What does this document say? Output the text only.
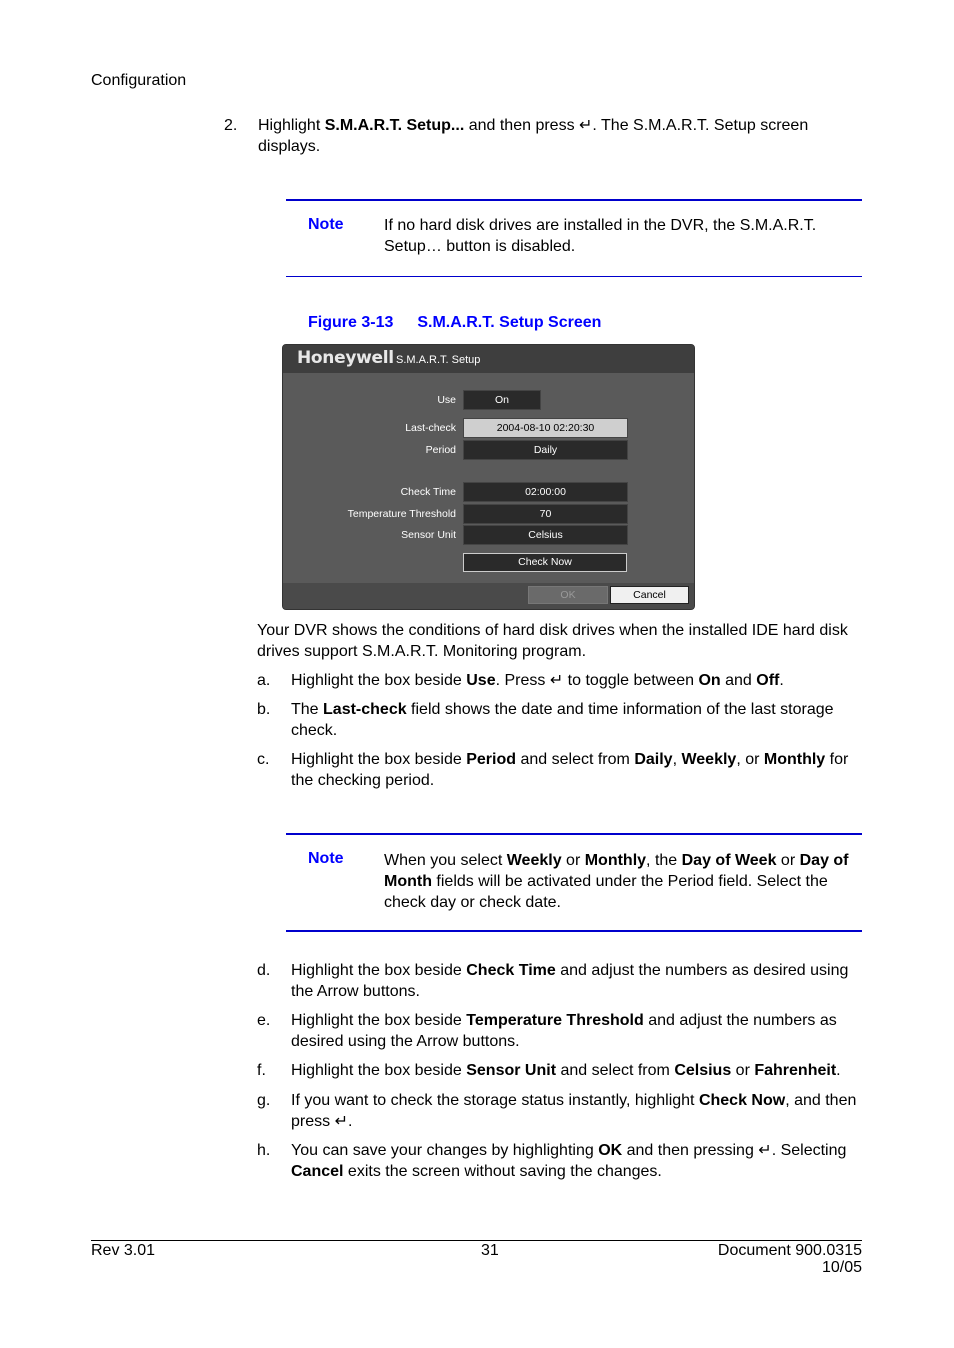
Configuration
2. Highlight S.M.A.R.T. Setup... and then press ↵. The S.M.A.R.T. Setup screen displays.
Note	If no hard disk drives are installed in the DVR, the S.M.A.R.T. Setup… button is disabled.
Figure 3-13 S.M.A.R.T. Setup Screen
Honeywell S.M.A.R.T. Setup
Use	On
Last-check	2004-08-10 02:20:30
Period	Daily
Check Time	02:00:00
Temperature Threshold	70
Sensor Unit	Celsius
Check Now
OK	Cancel
Your DVR shows the conditions of hard disk drives when the installed IDE hard disk drives support S.M.A.R.T. Monitoring program.
a. Highlight the box beside Use. Press ↵ to toggle between On and Off.
b. The Last-check field shows the date and time information of the last storage check.
c. Highlight the box beside Period and select from Daily, Weekly, or Monthly for the checking period.
Note	When you select Weekly or Monthly, the Day of Week or Day of Month fields will be activated under the Period field. Select the check day or check date.
d. Highlight the box beside Check Time and adjust the numbers as desired using the Arrow buttons.
e. Highlight the box beside Temperature Threshold and adjust the numbers as desired using the Arrow buttons.
f. Highlight the box beside Sensor Unit and select from Celsius or Fahrenheit.
g. If you want to check the storage status instantly, highlight Check Now, and then press ↵.
h. You can save your changes by highlighting OK and then pressing ↵. Selecting Cancel exits the screen without saving the changes.
Rev 3.01	31	Document 900.0315
10/05
